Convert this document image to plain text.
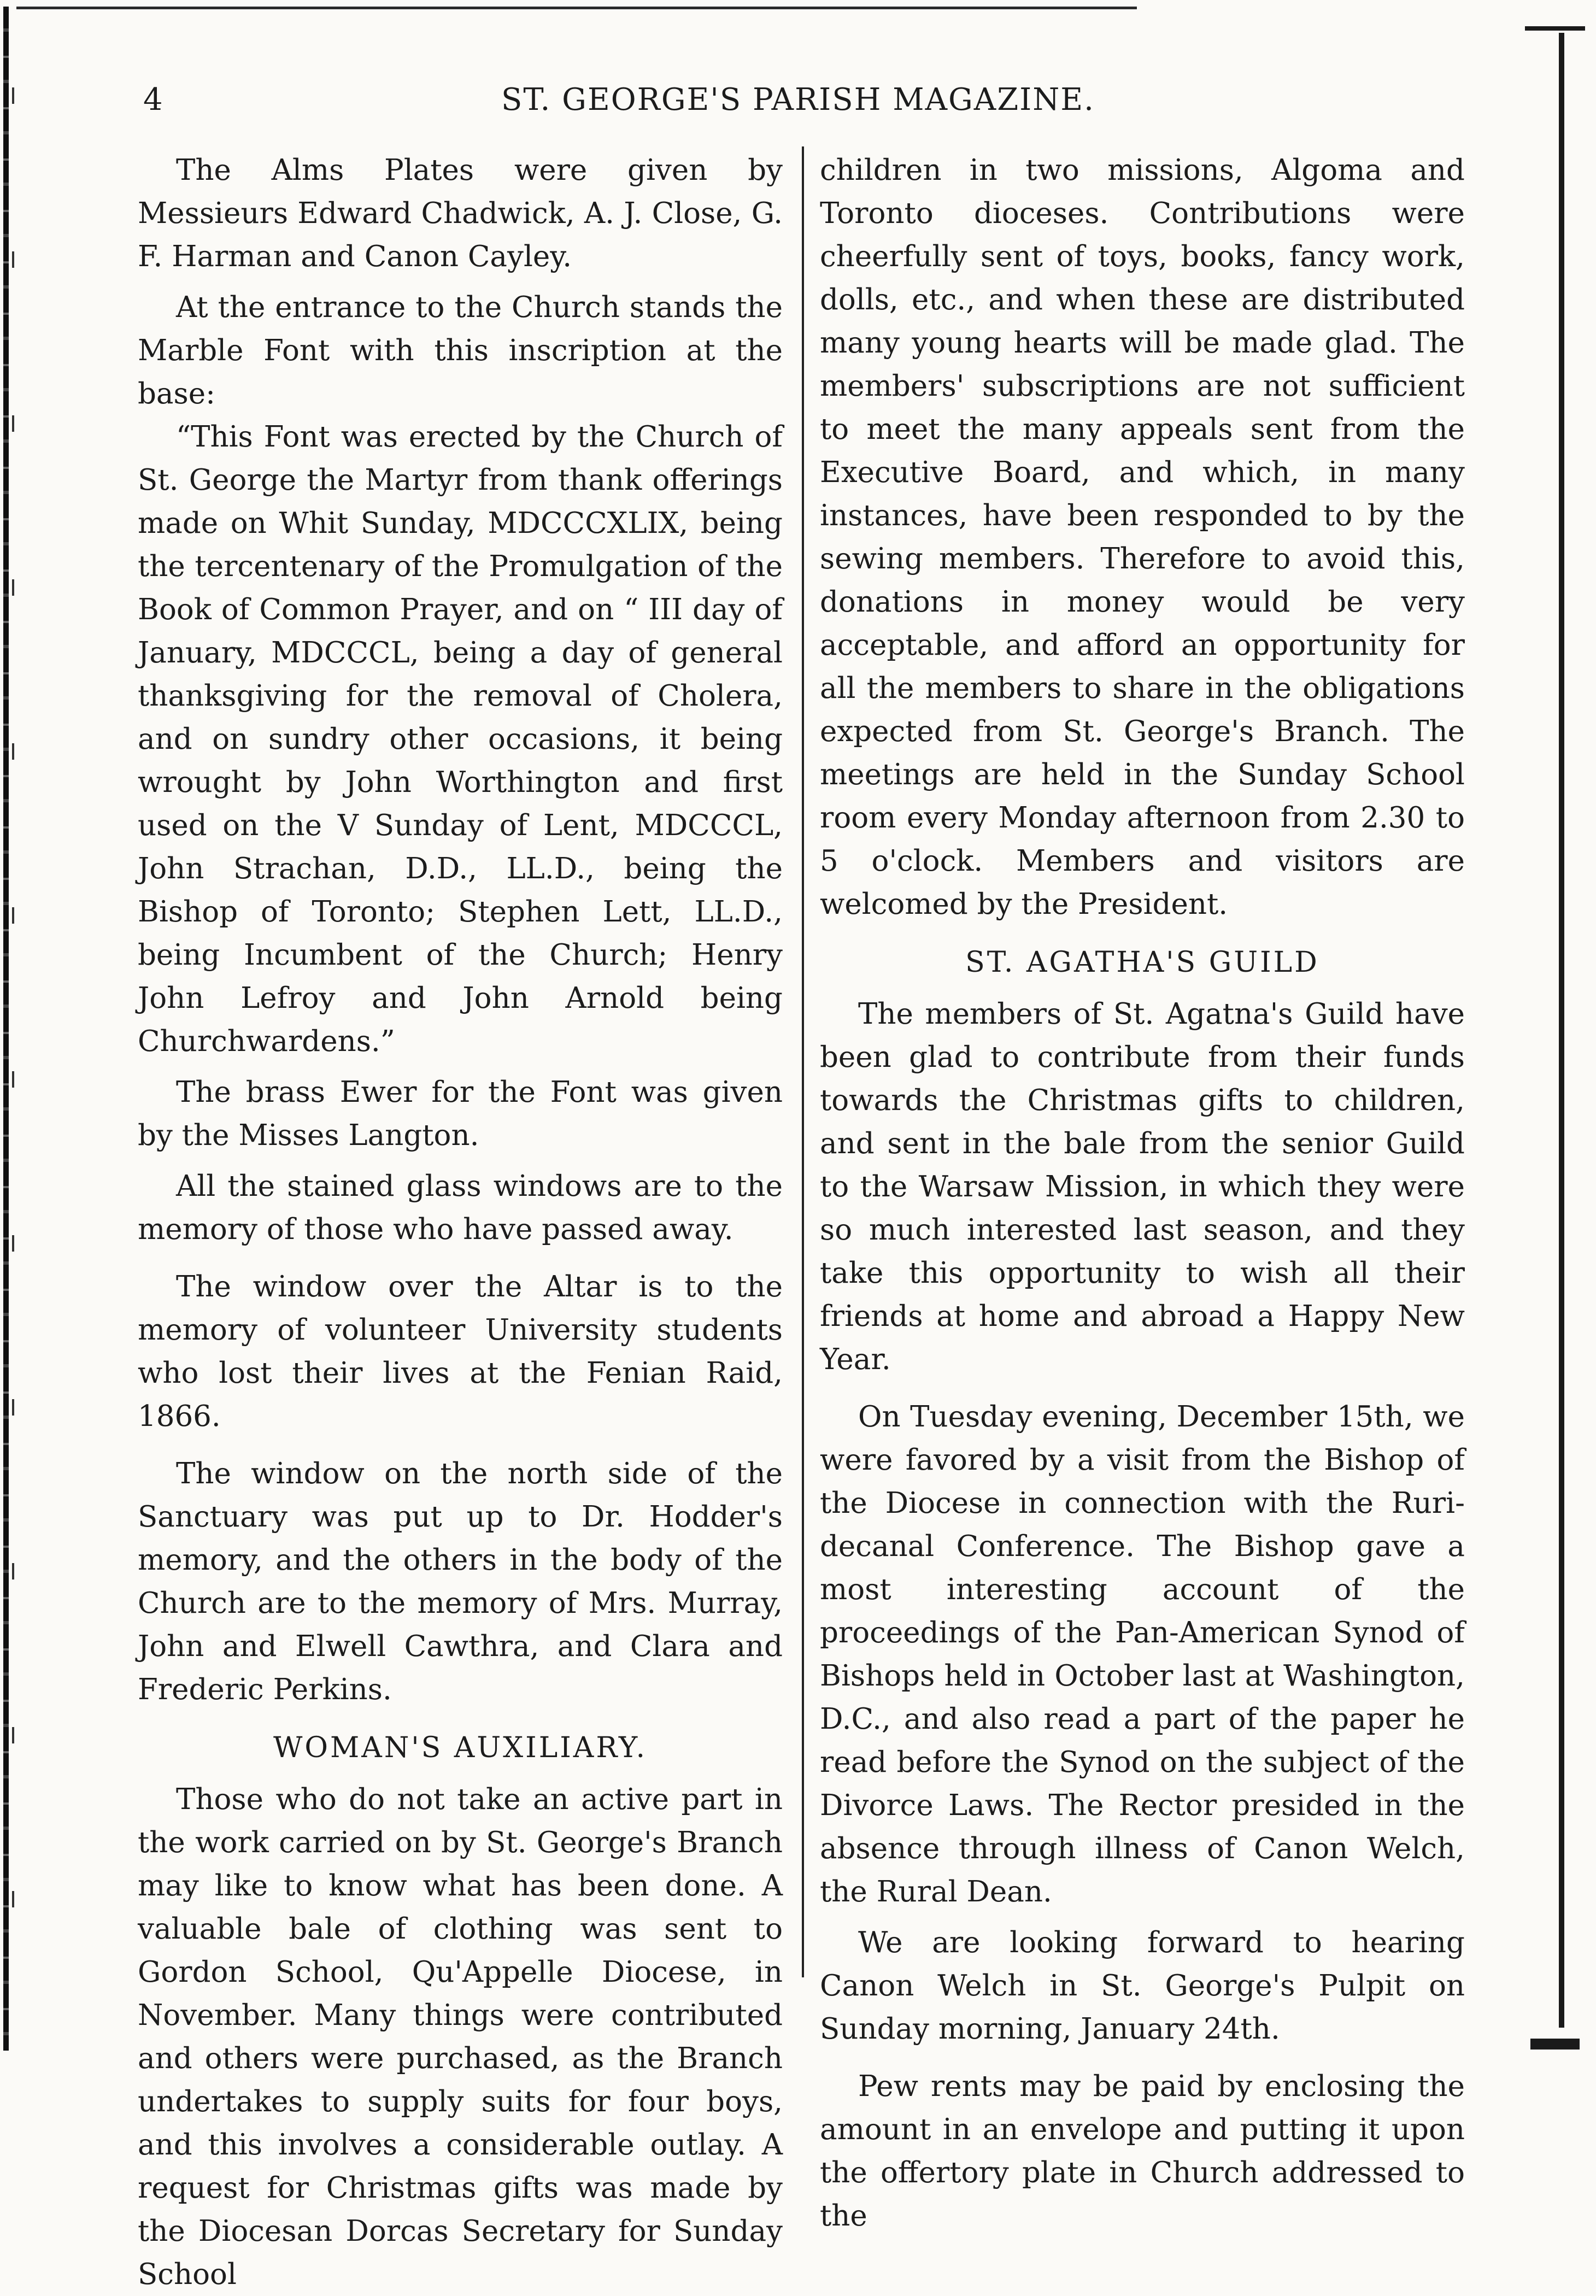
ST. GEORGE'S PARISH MAGAZINE.
4

The Alms Plates were given by Messieurs Edward Chadwick, A. J. Close, G. F. Harman and Canon Cayley.

At the entrance to the Church stands the Marble Font with this inscription at the base:

“This Font was erected by the Church of St. George the Martyr from thank offerings made on Whit Sunday, MDCCCXLIX, being the tercentenary of the Promulgation of the Book of Common Prayer, and on “ III day of January, MDCCCL, being a day of general thanksgiving for the removal of Cholera, and on sundry other occasions, it being wrought by John Worthington and first used on the V Sunday of Lent, MDCCCL, John Strachan, D.D., LL.D., being the Bishop of Toronto; Stephen Lett, LL.D., being Incumbent of the Church; Henry John Lefroy and John Arnold being Churchwardens.”

The brass Ewer for the Font was given by the Misses Langton.

All the stained glass windows are to the memory of those who have passed away.

The window over the Altar is to the memory of volunteer University students who lost their lives at the Fenian Raid, 1866.

The window on the north side of the Sanctuary was put up to Dr. Hodder's memory, and the others in the body of the Church are to the memory of Mrs. Murray, John and Elwell Cawthra, and Clara and Frederic Perkins.

WOMAN'S AUXILIARY.

Those who do not take an active part in the work carried on by St. George's Branch may like to know what has been done. A valuable bale of clothing was sent to Gordon School, Qu'Appelle Diocese, in November. Many things were contributed and others were purchased, as the Branch undertakes to supply suits for four boys, and this involves a considerable outlay. A request for Christmas gifts was made by the Diocesan Dorcas Secretary for Sunday School

children in two missions, Algoma and Toronto dioceses. Contributions were cheerfully sent of toys, books, fancy work, dolls, etc., and when these are distributed many young hearts will be made glad. The members' subscriptions are not sufficient to meet the many appeals sent from the Executive Board, and which, in many instances, have been responded to by the sewing members. Therefore to avoid this, donations in money would be very acceptable, and afford an opportunity for all the members to share in the obligations expected from St. George's Branch. The meetings are held in the Sunday School room every Monday afternoon from 2.30 to 5 o'clock. Members and visitors are welcomed by the President.

ST. AGATHA'S GUILD

The members of St. Agatna's Guild have been glad to contribute from their funds towards the Christmas gifts to children, and sent in the bale from the senior Guild to the Warsaw Mission, in which they were so much interested last season, and they take this opportunity to wish all their friends at home and abroad a Happy New Year.

On Tuesday evening, December 15th, we were favored by a visit from the Bishop of the Diocese in connection with the Ruri-decanal Conference. The Bishop gave a most interesting account of the proceedings of the Pan-American Synod of Bishops held in October last at Washington, D.C., and also read a part of the paper he read before the Synod on the subject of the Divorce Laws. The Rector presided in the absence through illness of Canon Welch, the Rural Dean.

We are looking forward to hearing Canon Welch in St. George's Pulpit on Sunday morning, January 24th.

Pew rents may be paid by enclosing the amount in an envelope and putting it upon the offertory plate in Church addressed to the
